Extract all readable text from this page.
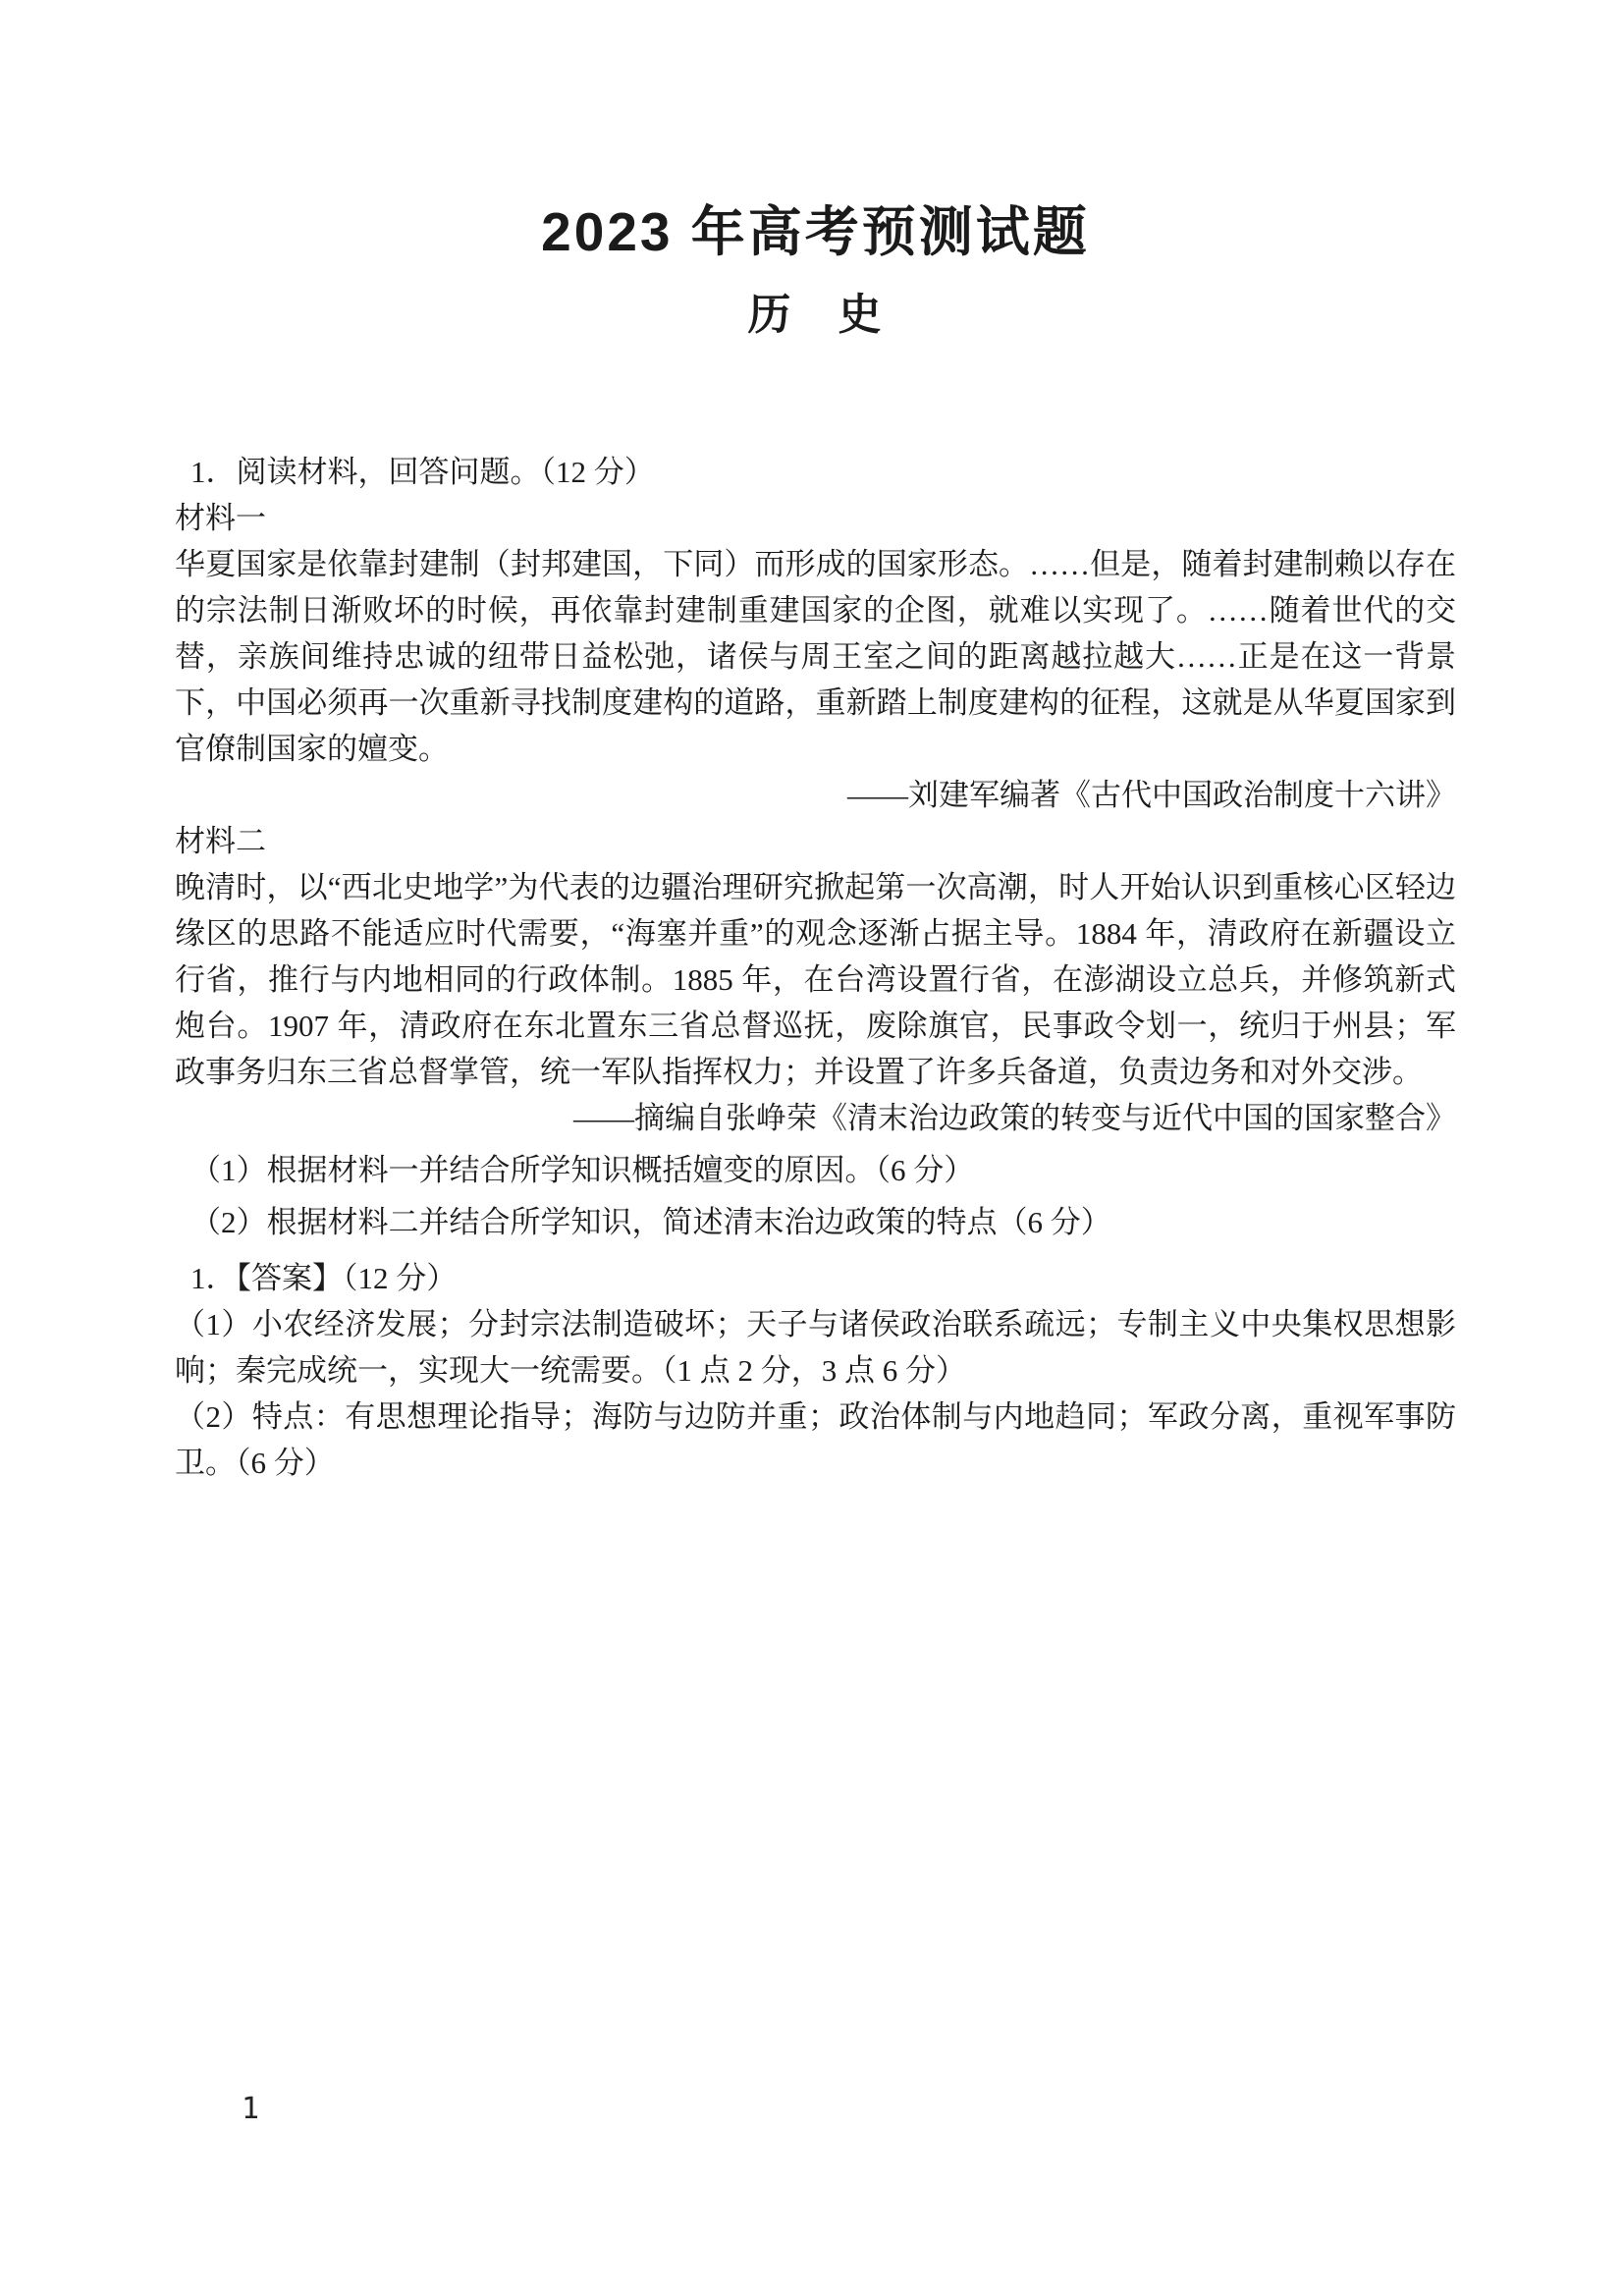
2023 年高考预测试题
历　史

1．阅读材料，回答问题。（12 分）

材料一

华夏国家是依靠封建制（封邦建国，下同）而形成的国家形态。……但是，随着封建制赖以存在的宗法制日渐败坏的时候，再依靠封建制重建国家的企图，就难以实现了。……随着世代的交替，亲族间维持忠诚的纽带日益松弛，诸侯与周王室之间的距离越拉越大……正是在这一背景下，中国必须再一次重新寻找制度建构的道路，重新踏上制度建构的征程，这就是从华夏国家到官僚制国家的嬗变。

——刘建军编著《古代中国政治制度十六讲》

材料二

晚清时，以“西北史地学”为代表的边疆治理研究掀起第一次高潮，时人开始认识到重核心区轻边缘区的思路不能适应时代需要，“海塞并重”的观念逐渐占据主导。1884 年，清政府在新疆设立行省，推行与内地相同的行政体制。1885 年，在台湾设置行省，在澎湖设立总兵，并修筑新式炮台。1907 年，清政府在东北置东三省总督巡抚，废除旗官，民事政令划一，统归于州县；军政事务归东三省总督掌管，统一军队指挥权力；并设置了许多兵备道，负责边务和对外交涉。

——摘编自张峥荣《清末治边政策的转变与近代中国的国家整合》

（1）根据材料一并结合所学知识概括嬗变的原因。（6 分）

（2）根据材料二并结合所学知识，简述清末治边政策的特点（6 分）

1．【答案】（12 分）

（1）小农经济发展；分封宗法制造破坏；天子与诸侯政治联系疏远；专制主义中央集权思想影响；秦完成统一，实现大一统需要。（1 点 2 分，3 点 6 分）

（2）特点：有思想理论指导；海防与边防并重；政治体制与内地趋同；军政分离，重视军事防卫。（6 分）

1
